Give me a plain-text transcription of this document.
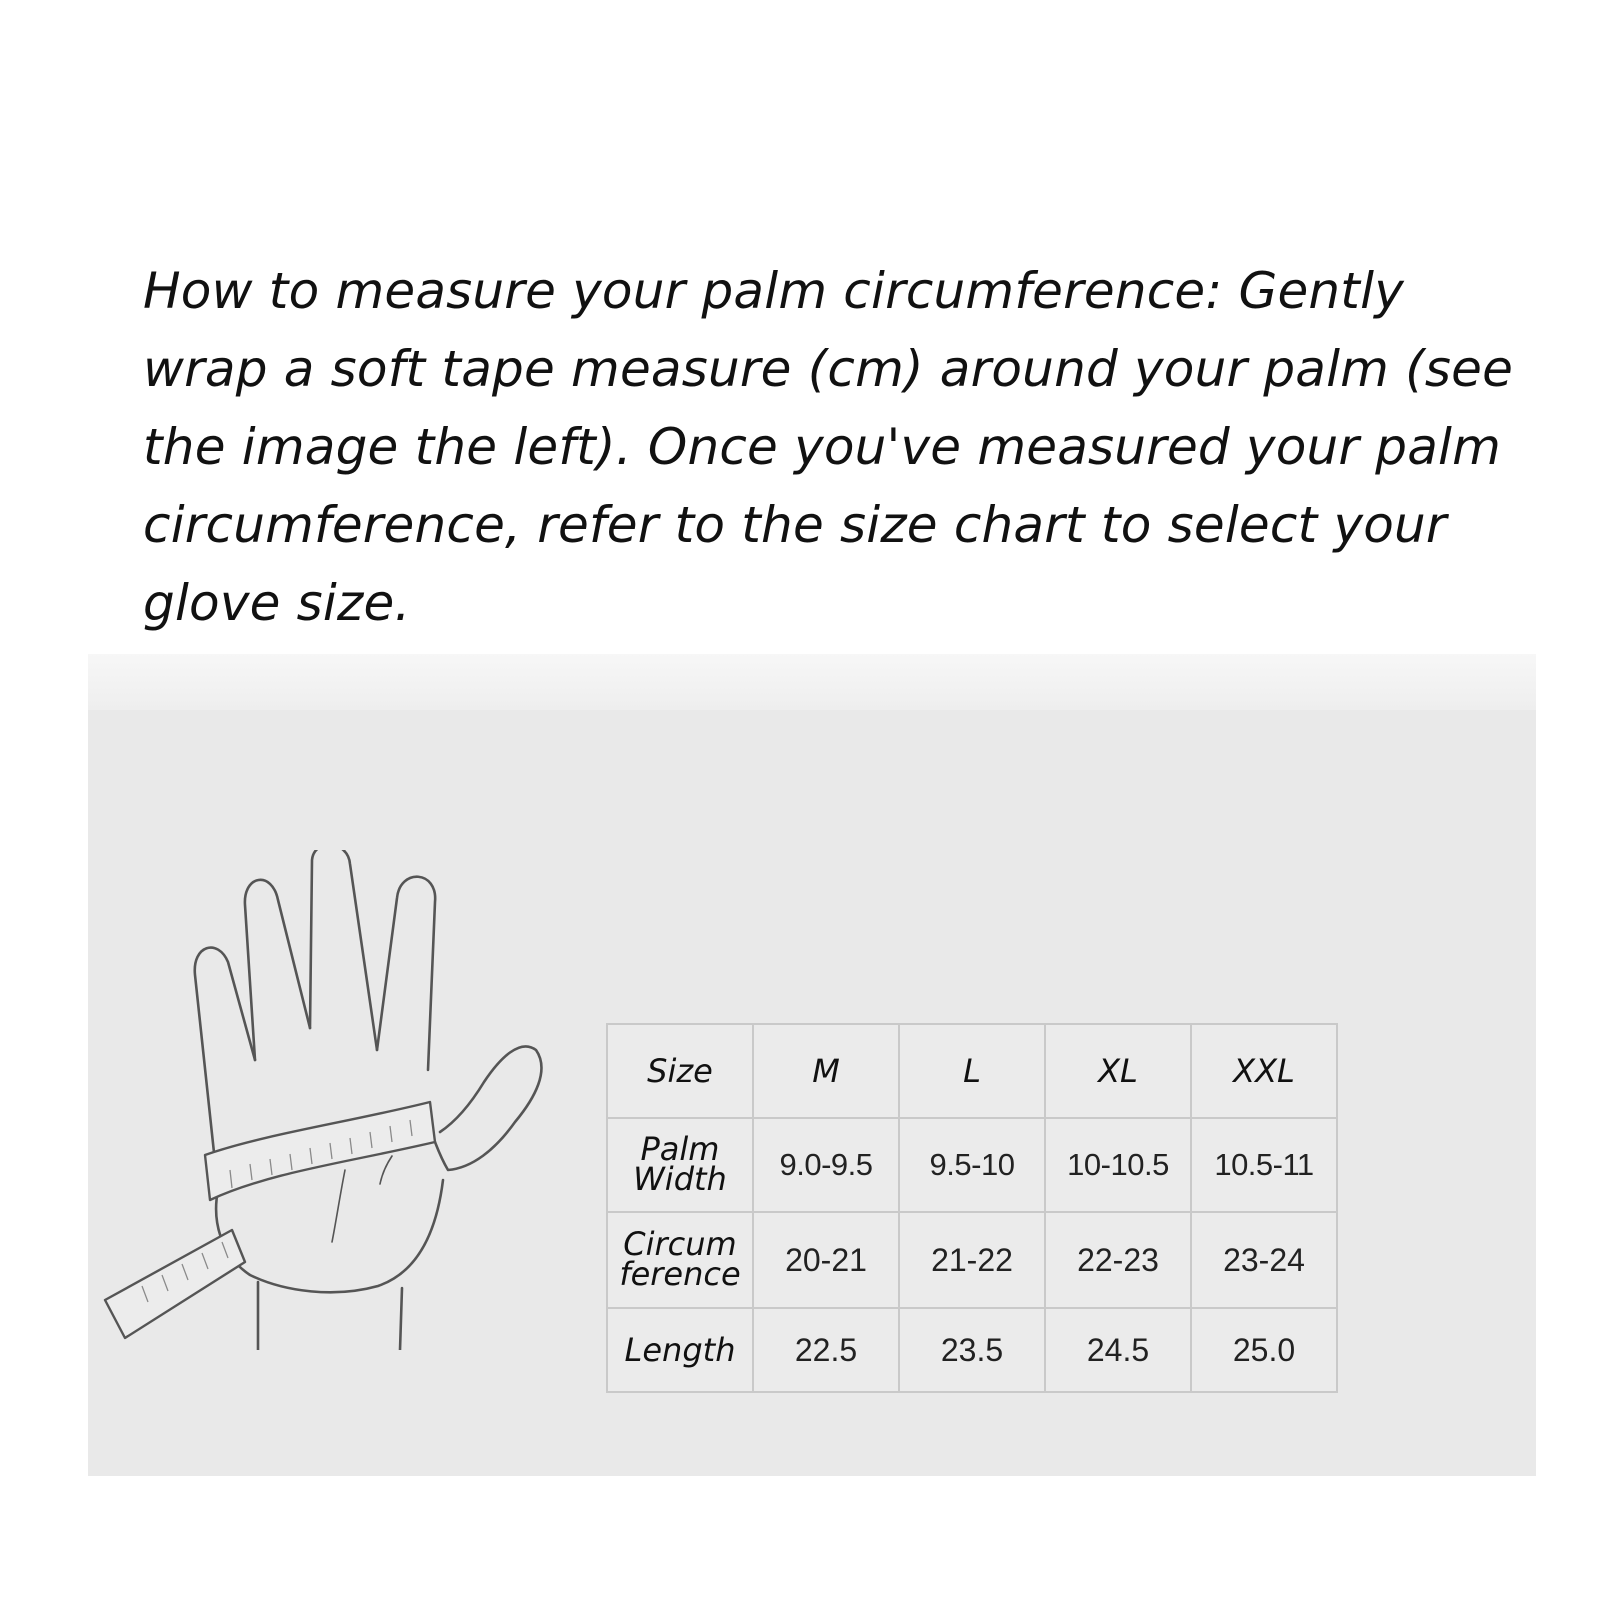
How to measure your palm circumference: Gently wrap a soft tape measure (cm) around your palm (see the image the left). Once you've measured your palm circumference, refer to the size chart to select your glove size.

Size	M	L	XL	XXL
Palm
Width	9.0-9.5	9.5-10	10-10.5	10.5-11
Circum
ference	20-21	21-22	22-23	23-24
Length	22.5	23.5	24.5	25.0
